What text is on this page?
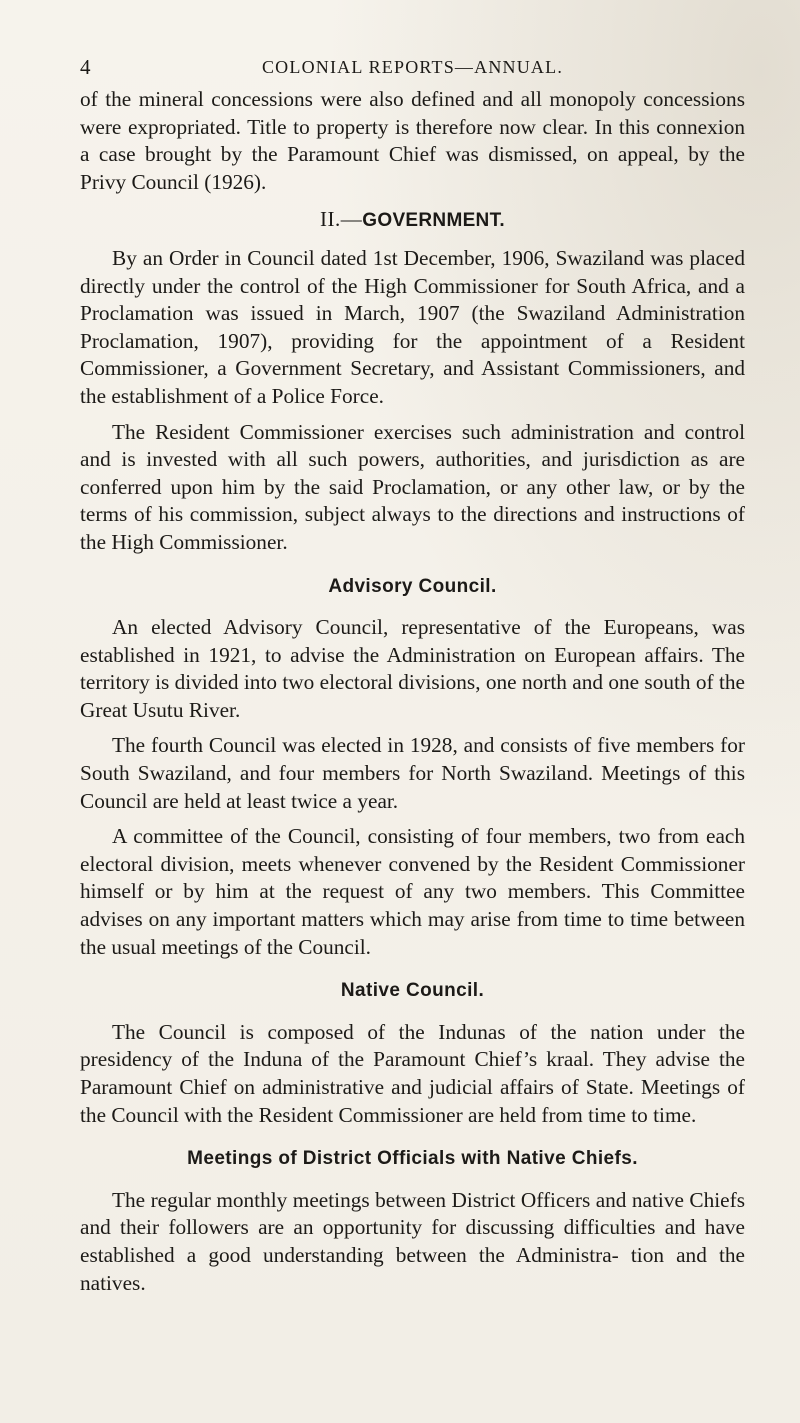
4	COLONIAL REPORTS—ANNUAL.

of the mineral concessions were also defined and all monopoly concessions were expropriated. Title to property is therefore now clear. In this connexion a case brought by the Paramount Chief was dismissed, on appeal, by the Privy Council (1926).

II.—GOVERNMENT.

By an Order in Council dated 1st December, 1906, Swaziland was placed directly under the control of the High Commissioner for South Africa, and a Proclamation was issued in March, 1907 (the Swaziland Administration Proclamation, 1907), providing for the appointment of a Resident Commissioner, a Government Secretary, and Assistant Commissioners, and the establishment of a Police Force.

The Resident Commissioner exercises such administration and control and is invested with all such powers, authorities, and jurisdiction as are conferred upon him by the said Proclamation, or any other law, or by the terms of his commission, subject always to the directions and instructions of the High Commissioner.

Advisory Council.

An elected Advisory Council, representative of the Europeans, was established in 1921, to advise the Administration on European affairs. The territory is divided into two electoral divisions, one north and one south of the Great Usutu River.

The fourth Council was elected in 1928, and consists of five members for South Swaziland, and four members for North Swaziland. Meetings of this Council are held at least twice a year.

A committee of the Council, consisting of four members, two from each electoral division, meets whenever convened by the Resident Commissioner himself or by him at the request of any two members. This Committee advises on any important matters which may arise from time to time between the usual meetings of the Council.

Native Council.

The Council is composed of the Indunas of the nation under the presidency of the Induna of the Paramount Chief’s kraal. They advise the Paramount Chief on administrative and judicial affairs of State. Meetings of the Council with the Resident Commissioner are held from time to time.

Meetings of District Officials with Native Chiefs.

The regular monthly meetings between District Officers and native Chiefs and their followers are an opportunity for discussing difficulties and have established a good understanding between the Administra- tion and the natives.
